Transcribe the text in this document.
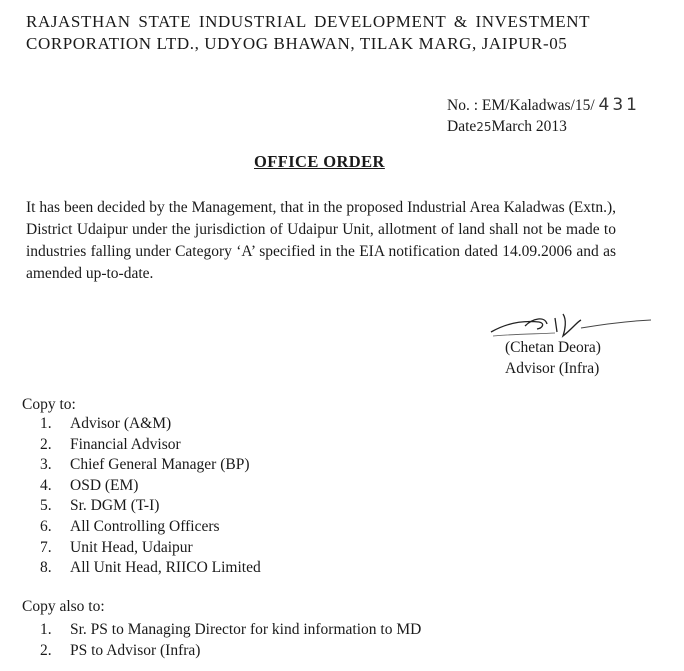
RAJASTHAN STATE INDUSTRIAL DEVELOPMENT & INVESTMENT
CORPORATION LTD., UDYOG BHAWAN, TILAK MARG, JAIPUR-05
No. : EM/Kaladwas/15/ 431
Date25March 2013
OFFICE ORDER

It has been decided by the Management, that in the proposed Industrial Area Kaladwas (Extn.), District Udaipur under the jurisdiction of Udaipur Unit, allotment of land shall not be made to industries falling under Category ‘A’ specified in the EIA notification dated 14.09.2006 and as amended up-to-date.

(Chetan Deora)
Advisor (Infra)
Copy to:
1. Advisor (A&M)
2. Financial Advisor
3. Chief General Manager (BP)
4. OSD (EM)
5. Sr. DGM (T-I)
6. All Controlling Officers
7. Unit Head, Udaipur
8. All Unit Head, RIICO Limited
Copy also to:
1. Sr. PS to Managing Director for kind information to MD
2. PS to Advisor (Infra)
